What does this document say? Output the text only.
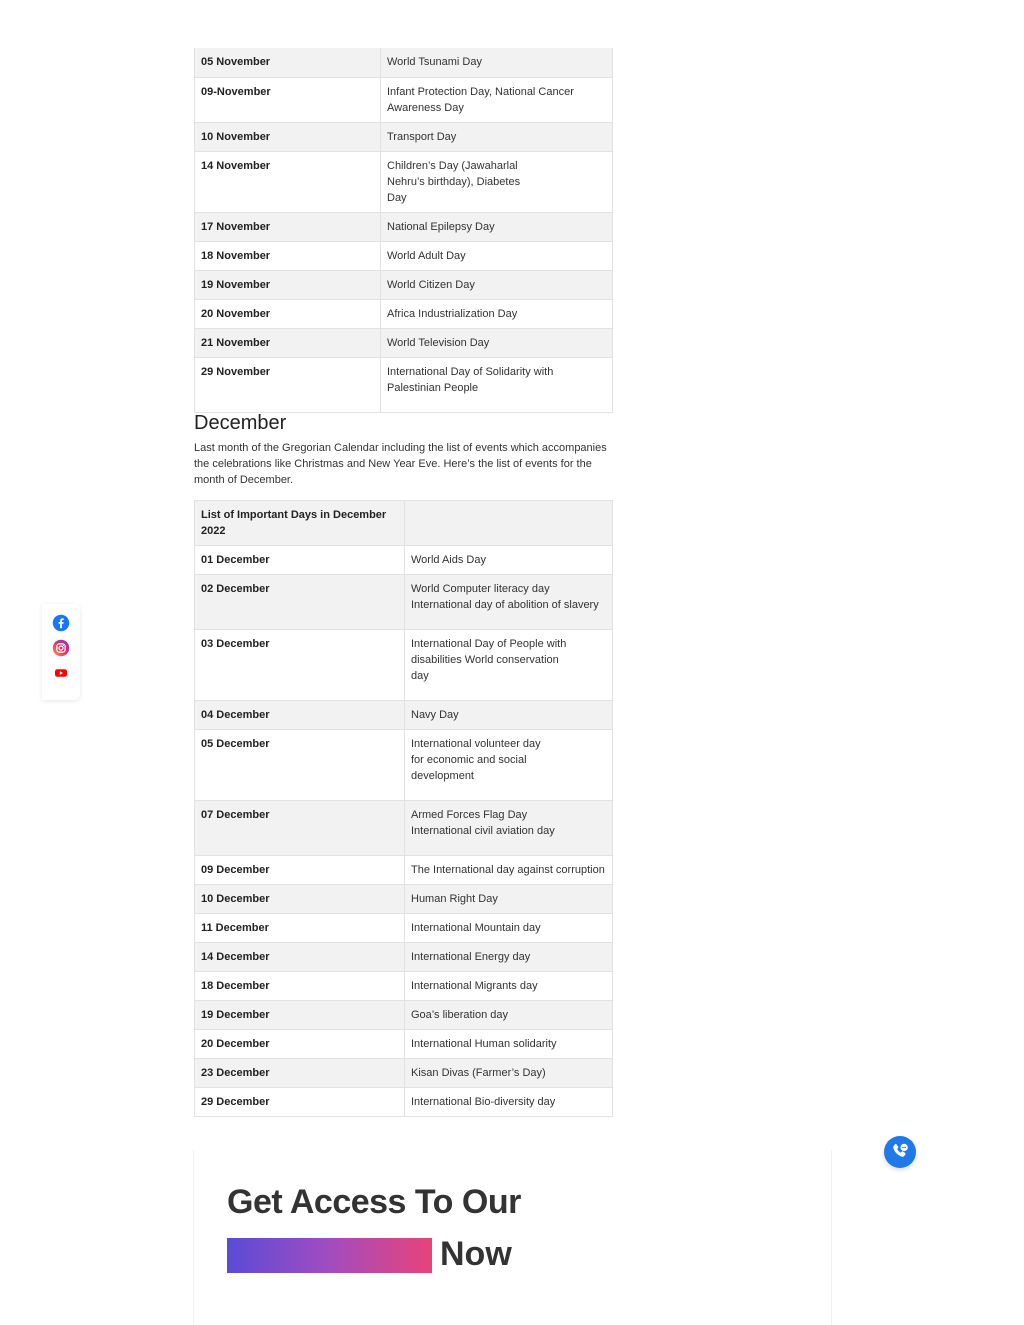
05 November	World Tsunami Day
09-November	Infant Protection Day, National Cancer Awareness Day
10 November	Transport Day
14 November	Children’s Day (Jawaharlal Nehru’s birthday), Diabetes Day

17 November	National Epilepsy Day
18 November	World Adult Day
19 November	World Citizen Day
20 November	Africa Industrialization Day
21 November	World Television Day
29 November	International Day of Solidarity with Palestinian People
December

Last month of the Gregorian Calendar including the list of events which accompanies the celebrations like Christmas and New Year Eve. Here’s the list of events for the month of December.

List of Important Days in December 2022	
01 December	World Aids Day
02 December	World Computer literacy day International day of abolition of slavery
03 December	International Day of People with disabilities World conservation day

04 December	Navy Day
05 December	International volunteer day for economic and social development

07 December	Armed Forces Flag Day International civil aviation day

09 December	The International day against corruption
10 December	Human Right Day
11 December	International Mountain day
14 December	International Energy day
18 December	International Migrants day
19 December	Goa’s liberation day
20 December	International Human solidarity
23 December	Kisan Divas (Farmer’s Day)
29 December	International Bio-diversity day
Get Access To Our
Now
